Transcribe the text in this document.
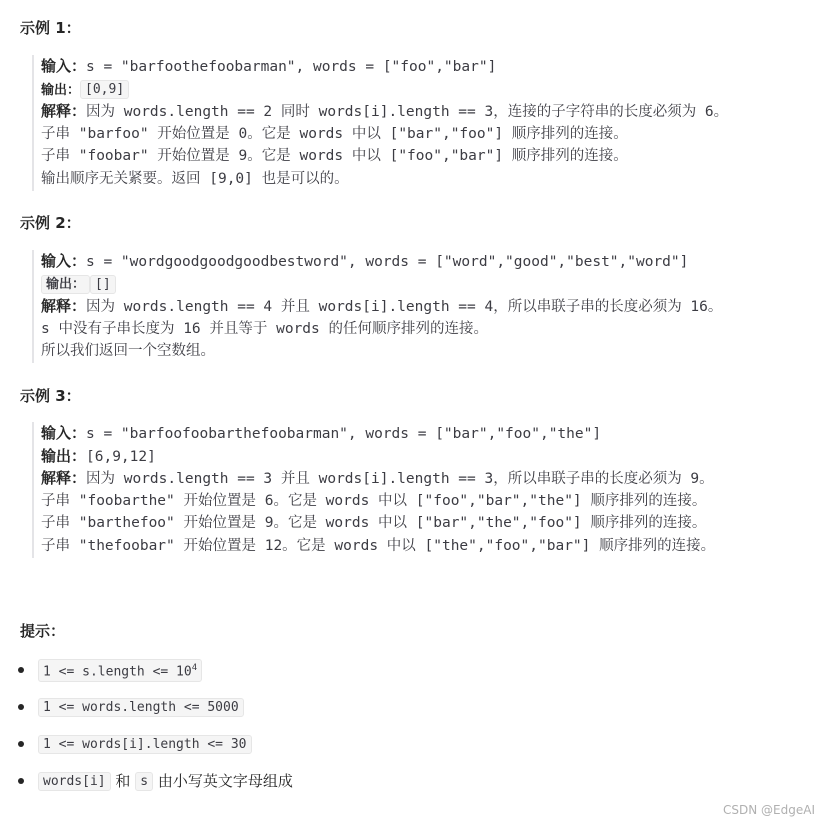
示例 1：
输入：s = "barfoothefoobarman", words = ["foo","bar"]
输出： [0,9]
解释：因为 words.length == 2 同时 words[i].length == 3，连接的子字符串的长度必须为 6。
子串 "barfoo" 开始位置是 0。它是 words 中以 ["bar","foo"] 顺序排列的连接。
子串 "foobar" 开始位置是 9。它是 words 中以 ["foo","bar"] 顺序排列的连接。
输出顺序无关紧要。返回 [9,0] 也是可以的。
示例 2：
输入：s = "wordgoodgoodgoodbestword", words = ["word","good","best","word"]
输出： []
解释：因为 words.length == 4 并且 words[i].length == 4，所以串联子串的长度必须为 16。
s 中没有子串长度为 16 并且等于 words 的任何顺序排列的连接。
所以我们返回一个空数组。
示例 3：
输入：s = "barfoofoobarthefoobarman", words = ["bar","foo","the"]
输出：[6,9,12]
解释：因为 words.length == 3 并且 words[i].length == 3，所以串联子串的长度必须为 9。
子串 "foobarthe" 开始位置是 6。它是 words 中以 ["foo","bar","the"] 顺序排列的连接。
子串 "barthefoo" 开始位置是 9。它是 words 中以 ["bar","the","foo"] 顺序排列的连接。
子串 "thefoobar" 开始位置是 12。它是 words 中以 ["the","foo","bar"] 顺序排列的连接。
提示：
1 <= s.length <= $10^4$
1 <= words.length <= 5000
1 <= words[i].length <= 30
words[i] 和 s 由小写英文字母组成
CSDN @EdgeAI
